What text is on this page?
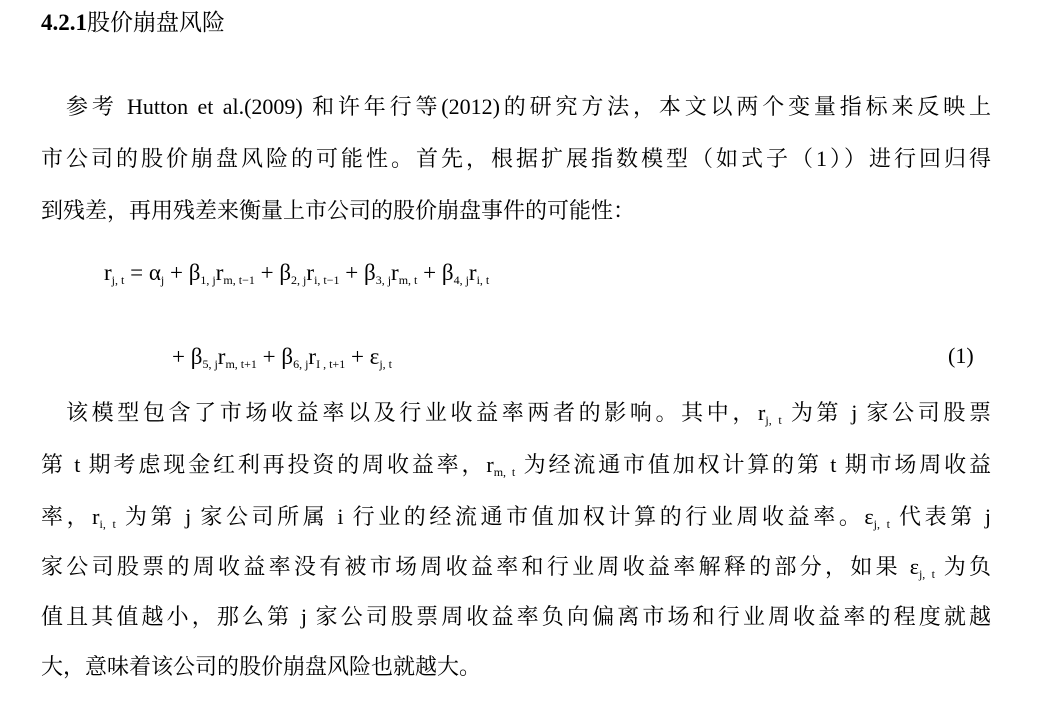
4.2.1股价崩盘风险
参考 Hutton et al.(2009) 和许年行等(2012)的研究方法，本文以两个变量指标来反映上
市公司的股价崩盘风险的可能性。首先，根据扩展指数模型（如式子（1））进行回归得
到残差，再用残差来衡量上市公司的股价崩盘事件的可能性：
$r_{j, t} = \alpha_j + \beta_{1, j}r_{m, t-1} + \beta_{2, j}r_{i, t-1} + \beta_{3, j}r_{m, t} + \beta_{4, j}r_{i, t}$
+ $\beta_{5, j}r_{m, t+1} + \beta_{6, j}r_{I , t+1} + \varepsilon_{j, t}$	(1)
该模型包含了市场收益率以及行业收益率两者的影响。其中，$r_{j, t}$ 为第 j 家公司股票
第 t 期考虑现金红利再投资的周收益率，$r_{m, t}$ 为经流通市值加权计算的第 t 期市场周收益
率，$r_{i, t}$ 为第 j 家公司所属 i 行业的经流通市值加权计算的行业周收益率。$\varepsilon_{j, t}$ 代表第 j
家公司股票的周收益率没有被市场周收益率和行业周收益率解释的部分，如果 $\varepsilon_{j, t}$ 为负
值且其值越小，那么第 j 家公司股票周收益率负向偏离市场和行业周收益率的程度就越
大，意味着该公司的股价崩盘风险也就越大。
